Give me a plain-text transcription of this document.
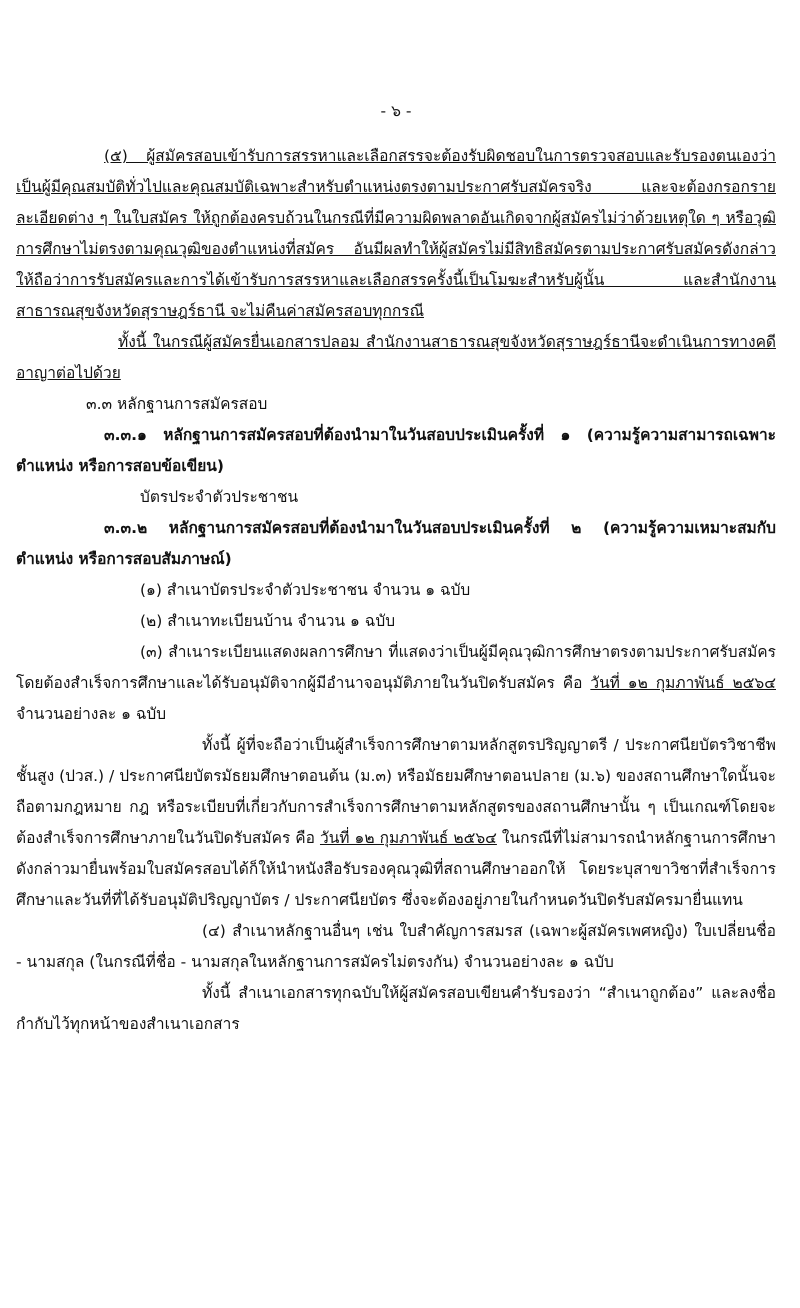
- ๖ -

(๕) ผู้สมัครสอบเข้ารับการสรรหาและเลือกสรรจะต้องรับผิดชอบในการตรวจสอบและรับรองตนเองว่าเป็นผู้มีคุณสมบัติทั่วไปและคุณสมบัติเฉพาะสำหรับตำแหน่งตรงตามประกาศรับสมัครจริง และจะต้องกรอกรายละเอียดต่าง ๆ ในใบสมัคร ให้ถูกต้องครบถ้วนในกรณีที่มีความผิดพลาดอันเกิดจากผู้สมัครไม่ว่าด้วยเหตุใด ๆ หรือวุฒิการศึกษาไม่ตรงตามคุณวุฒิของตำแหน่งที่สมัคร อันมีผลทำให้ผู้สมัครไม่มีสิทธิสมัครตามประกาศรับสมัครดังกล่าว ให้ถือว่าการรับสมัครและการได้เข้ารับการสรรหาและเลือกสรรครั้งนี้เป็นโมฆะสำหรับผู้นั้น และสำนักงานสาธารณสุขจังหวัดสุราษฎร์ธานี จะไม่คืนค่าสมัครสอบทุกกรณี

ทั้งนี้ ในกรณีผู้สมัครยื่นเอกสารปลอม สำนักงานสาธารณสุขจังหวัดสุราษฎร์ธานีจะดำเนินการทางคดีอาญาต่อไปด้วย

๓.๓ หลักฐานการสมัครสอบ

๓.๓.๑ หลักฐานการสมัครสอบที่ต้องนำมาในวันสอบประเมินครั้งที่ ๑ (ความรู้ความสามารถเฉพาะตำแหน่ง หรือการสอบข้อเขียน)

บัตรประจำตัวประชาชน

๓.๓.๒ หลักฐานการสมัครสอบที่ต้องนำมาในวันสอบประเมินครั้งที่ ๒ (ความรู้ความเหมาะสมกับตำแหน่ง หรือการสอบสัมภาษณ์)

(๑) สำเนาบัตรประจำตัวประชาชน จำนวน ๑ ฉบับ

(๒) สำเนาทะเบียนบ้าน จำนวน ๑ ฉบับ

(๓) สำเนาระเบียนแสดงผลการศึกษา ที่แสดงว่าเป็นผู้มีคุณวุฒิการศึกษาตรงตามประกาศรับสมัคร โดยต้องสำเร็จการศึกษาและได้รับอนุมัติจากผู้มีอำนาจอนุมัติภายในวันปิดรับสมัคร คือ วันที่ ๑๒ กุมภาพันธ์ ๒๕๖๔ จำนวนอย่างละ ๑ ฉบับ

ทั้งนี้ ผู้ที่จะถือว่าเป็นผู้สำเร็จการศึกษาตามหลักสูตรปริญญาตรี / ประกาศนียบัตรวิชาชีพชั้นสูง (ปวส.) / ประกาศนียบัตรมัธยมศึกษาตอนต้น (ม.๓) หรือมัธยมศึกษาตอนปลาย (ม.๖) ของสถานศึกษาใดนั้นจะถือตามกฎหมาย กฎ หรือระเบียบที่เกี่ยวกับการสำเร็จการศึกษาตามหลักสูตรของสถานศึกษานั้น ๆ เป็นเกณฑ์โดยจะต้องสำเร็จการศึกษาภายในวันปิดรับสมัคร คือ วันที่ ๑๒ กุมภาพันธ์ ๒๕๖๔ ในกรณีที่ไม่สามารถนำหลักฐานการศึกษาดังกล่าวมายื่นพร้อมใบสมัครสอบได้ก็ให้นำหนังสือรับรองคุณวุฒิที่สถานศึกษาออกให้ โดยระบุสาขาวิชาที่สำเร็จการศึกษาและวันที่ที่ได้รับอนุมัติปริญญาบัตร / ประกาศนียบัตร ซึ่งจะต้องอยู่ภายในกำหนดวันปิดรับสมัครมายื่นแทน

(๔) สำเนาหลักฐานอื่นๆ เช่น ใบสำคัญการสมรส (เฉพาะผู้สมัครเพศหญิง) ใบเปลี่ยนชื่อ - นามสกุล (ในกรณีที่ชื่อ - นามสกุลในหลักฐานการสมัครไม่ตรงกัน) จำนวนอย่างละ ๑ ฉบับ

ทั้งนี้ สำเนาเอกสารทุกฉบับให้ผู้สมัครสอบเขียนคำรับรองว่า “สำเนาถูกต้อง” และลงชื่อกำกับไว้ทุกหน้าของสำเนาเอกสาร
